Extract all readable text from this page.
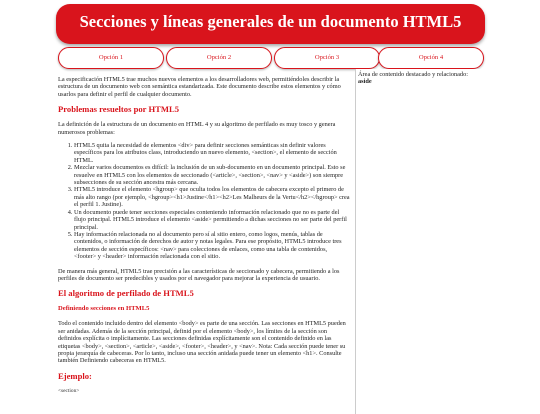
Secciones y líneas generales de un documento HTML5
Opción 1	Opción 2	Opción 3	Opción 4

La especificación HTML5 trae muchos nuevos elementos a los desarrolladores web, permitiéndoles describir la estructura de un documento web con semántica estandarizada. Este documento describe estos elementos y cómo usarlos para definir el perfil de cualquier documento.

Problemas resueltos por HTML5

La definición de la estructura de un documento en HTML 4 y su algoritmo de perfilado es muy tosco y genera numerosos problemas:

1. HTML5 quita la necesidad de elementos <div> para definir secciones semánticas sin definir valores específicos para los atributos class, introduciendo un nuevo elemento, <section>, el elemento de sección HTML.
2. Mezclar varios documentos es difícil: la inclusión de un sub-documento en un documento principal. Esto se resuelve en HTML5 con los elementos de seccionado (<article>, <section>, <nav> y <aside>) son siempre subsecciones de su sección ancestra más cercana.
3. HTML5 introduce el elemento <hgroup> que oculta todos los elementos de cabecera excepto el primero de más alto rango (por ejemplo, <hgroup><h1>Justine</h1><h2>Les Malheurs de la Vertu</h2></hgroup> crea el perfil 1. Justine).
4. Un documento puede tener secciones especiales conteniendo información relacionado que no es parte del flujo principal. HTML5 introduce el elemento <aside> permitiendo a dichas secciones no ser parte del perfil principal.
5. Hay información relacionada no al documento pero sí al sitio entero, como logos, menús, tablas de contenidos, o información de derechos de autor y notas legales. Para ese propósito, HTML5 introduce tres elementos de sección específicos: <nav> para colecciones de enlaces, como una tabla de contenidos, <footer> y <header> información relacionada con el sitio.

De manera más general, HTML5 trae precisión a las características de seccionado y cabecera, permitiendo a los perfiles de documento ser predecibles y usados por el navegador para mejorar la experiencia de usuario.

El algoritmo de perfilado de HTML5
Definiendo secciones en HTML5

Todo el contenido incluido dentro del elemento <body> es parte de una sección. Las secciones en HTML5 pueden ser anidadas. Además de la sección principal, definid por el elemento <body>, los límites de la sección son definidos explícita o implícitamente. Las secciones definidas explícitamente son el contenido definido en las etiquetas <body>, <section>, <article>, <aside>, <footer>, <header>, y <nav>. Nota: Cada sección puede tener su propia jerarquía de cabeceras. Por lo tanto, incluso una sección anidada puede tener un elemento <h1>. Consulte también Definiendo cabeceras en HTML5.

Ejemplo:
<section>
Área de contenido destacado y relacionado:
aside
